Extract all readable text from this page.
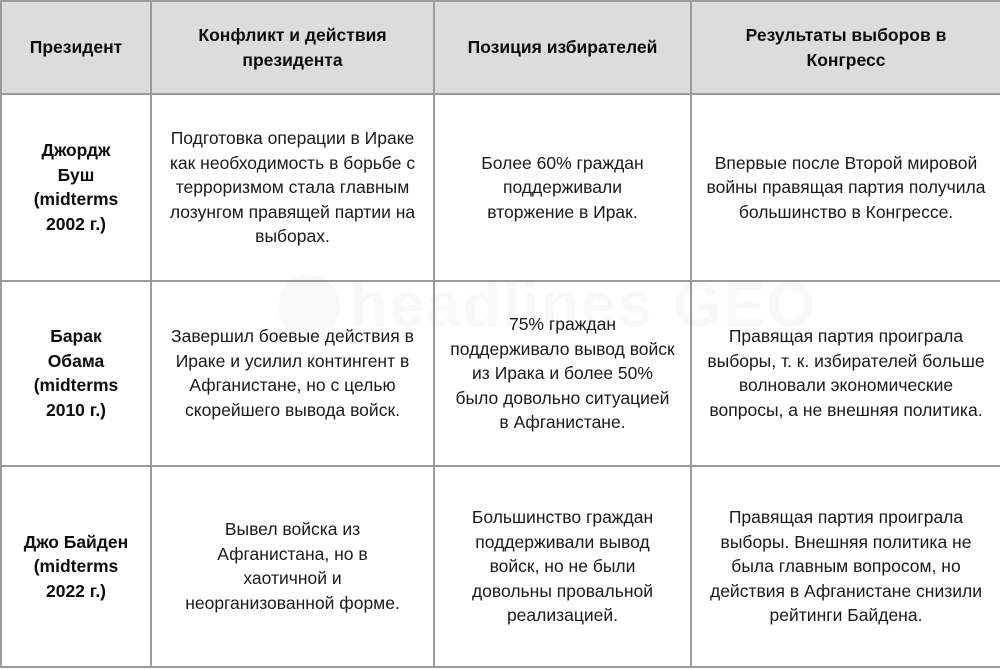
Президент	Конфликт и действия президента	Позиция избирателей	Результаты выборов в Конгресс

Джордж Буш (midterms 2002 г.)	Подготовка операции в Ираке как необходимость в борьбе с терроризмом стала главным лозунгом правящей партии на выборах.	Более 60% граждан поддерживали вторжение в Ирак.	Впервые после Второй мировой войны правящая партия получила большинство в Конгрессе.

Барак Обама (midterms 2010 г.)	Завершил боевые действия в Ираке и усилил контингент в Афганистане, но с целью скорейшего вывода войск.	75% граждан поддерживало вывод войск из Ирака и более 50% было довольно ситуацией в Афганистане.	Правящая партия проиграла выборы, т. к. избирателей больше волновали экономические вопросы, а не внешняя политика.

Джо Байден (midterms 2022 г.)	Вывел войска из Афганистана, но в хаотичной и неорганизованной форме.	Большинство граждан поддерживали вывод войск, но не были довольны провальной реализацией.	Правящая партия проиграла выборы. Внешняя политика не была главным вопросом, но действия в Афганистане снизили рейтинги Байдена.
